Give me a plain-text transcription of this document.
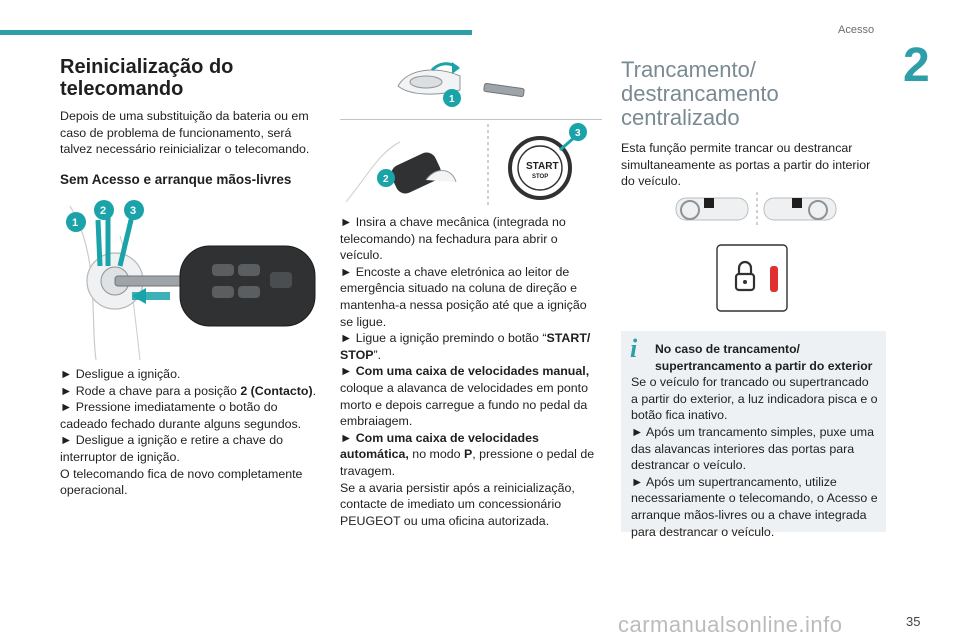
Acesso
2
Reinicialização do telecomando

Depois de uma substituição da bateria ou em caso de problema de funcionamento, será talvez necessário reinicializar o telecomando.

Sem Acesso e arranque mãos-livres
1
2 3

► Desligue a ignição.

► Rode a chave para a posição 2 (Contacto).

► Pressione imediatamente o botão do cadeado fechado durante alguns segundos.

► Desligue a ignição e retire a chave do interruptor de ignição.

O telecomando fica de novo completamente operacional.

1
START
STOP
3
2

► Insira a chave mecânica (integrada no telecomando) na fechadura para abrir o veículo.

► Encoste a chave eletrónica ao leitor de emergência situado na coluna de direção e mantenha-a nessa posição até que a ignição se ligue.

► Ligue a ignição premindo o botão “START/ STOP”.

► Com uma caixa de velocidades manual, coloque a alavanca de velocidades em ponto morto e depois carregue a fundo no pedal da embraiagem.

► Com uma caixa de velocidades automática, no modo P, pressione o pedal de travagem.

Se a avaria persistir após a reinicialização, contacte de imediato um concessionário PEUGEOT ou uma oficina autorizada.

Trancamento/
destrancamento
centralizado

Esta função permite trancar ou destrancar simultaneamente as portas a partir do interior do veículo.

i No caso de trancamento/ supertrancamento a partir do exterior

Se o veículo for trancado ou supertrancado a partir do exterior, a luz indicadora pisca e o botão fica inativo.

► Após um trancamento simples, puxe uma das alavancas interiores das portas para destrancar o veículo.

► Após um supertrancamento, utilize necessariamente o telecomando, o Acesso e arranque mãos-livres ou a chave integrada para destrancar o veículo.

carmanualsonline.info	35
